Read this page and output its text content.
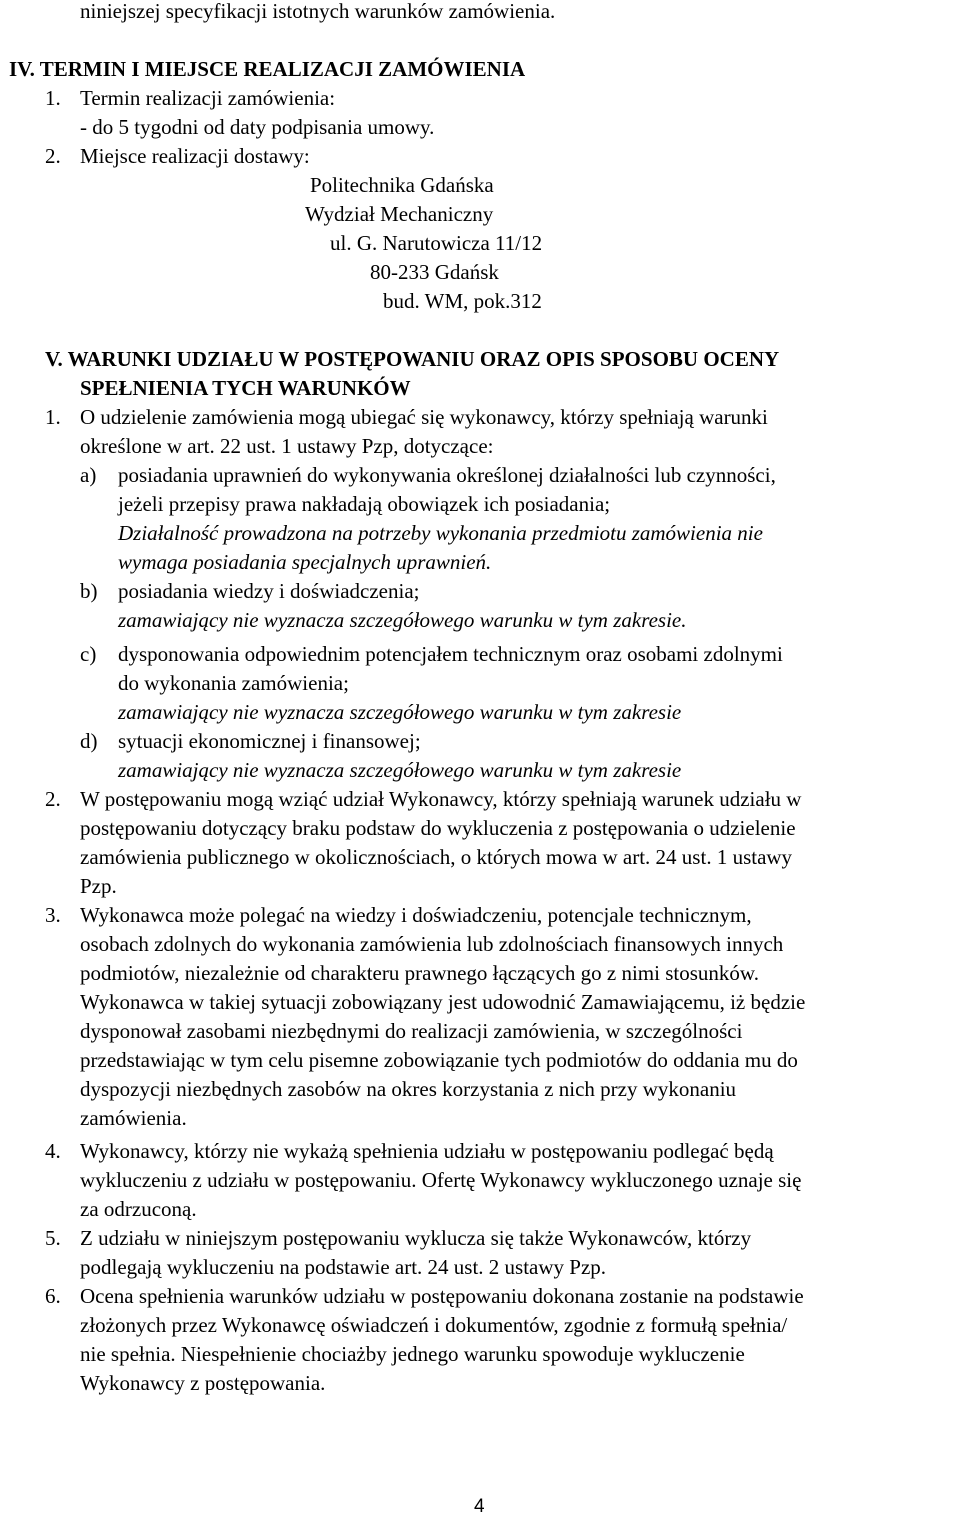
niniejszej specyfikacji istotnych warunków zamówienia.
IV. TERMIN I MIEJSCE REALIZACJI ZAMÓWIENIA
1. Termin realizacji zamówienia:
- do 5 tygodni od daty podpisania umowy.
2. Miejsce realizacji dostawy:
Politechnika Gdańska
Wydział Mechaniczny
ul. G. Narutowicza 11/12
80-233 Gdańsk
bud. WM, pok.312
V. WARUNKI UDZIAŁU W POSTĘPOWANIU ORAZ OPIS SPOSOBU OCENY
SPEŁNIENIA TYCH WARUNKÓW
1. O udzielenie zamówienia mogą ubiegać się wykonawcy, którzy spełniają warunki
określone w art. 22 ust. 1 ustawy Pzp, dotyczące:
a) posiadania uprawnień do wykonywania określonej działalności lub czynności,
jeżeli przepisy prawa nakładają obowiązek ich posiadania;
Działalność prowadzona na potrzeby wykonania przedmiotu zamówienia nie
wymaga posiadania specjalnych uprawnień.
b) posiadania wiedzy i doświadczenia;
zamawiający nie wyznacza szczegółowego warunku w tym zakresie.
c) dysponowania odpowiednim potencjałem technicznym oraz osobami zdolnymi
do wykonania zamówienia;
zamawiający nie wyznacza szczegółowego warunku w tym zakresie
d) sytuacji ekonomicznej i finansowej;
zamawiający nie wyznacza szczegółowego warunku w tym zakresie
2. W postępowaniu mogą wziąć udział Wykonawcy, którzy spełniają warunek udziału w
postępowaniu dotyczący braku podstaw do wykluczenia z postępowania o udzielenie
zamówienia publicznego w okolicznościach, o których mowa w art. 24 ust. 1 ustawy
Pzp.
3. Wykonawca może polegać na wiedzy i doświadczeniu, potencjale technicznym,
osobach zdolnych do wykonania zamówienia lub zdolnościach finansowych innych
podmiotów, niezależnie od charakteru prawnego łączących go z nimi stosunków.
Wykonawca w takiej sytuacji zobowiązany jest udowodnić Zamawiającemu, iż będzie
dysponował zasobami niezbędnymi do realizacji zamówienia, w szczególności
przedstawiając w tym celu pisemne zobowiązanie tych podmiotów do oddania mu do
dyspozycji niezbędnych zasobów na okres korzystania z nich przy wykonaniu
zamówienia.
4. Wykonawcy, którzy nie wykażą spełnienia udziału w postępowaniu podlegać będą
wykluczeniu z udziału w postępowaniu. Ofertę Wykonawcy wykluczonego uznaje się
za odrzuconą.
5. Z udziału w niniejszym postępowaniu wyklucza się także Wykonawców, którzy
podlegają wykluczeniu na podstawie art. 24 ust. 2 ustawy Pzp.
6. Ocena spełnienia warunków udziału w postępowaniu dokonana zostanie na podstawie
złożonych przez Wykonawcę oświadczeń i dokumentów, zgodnie z formułą spełnia/
nie spełnia. Niespełnienie chociażby jednego warunku spowoduje wykluczenie
Wykonawcy z postępowania.
4
